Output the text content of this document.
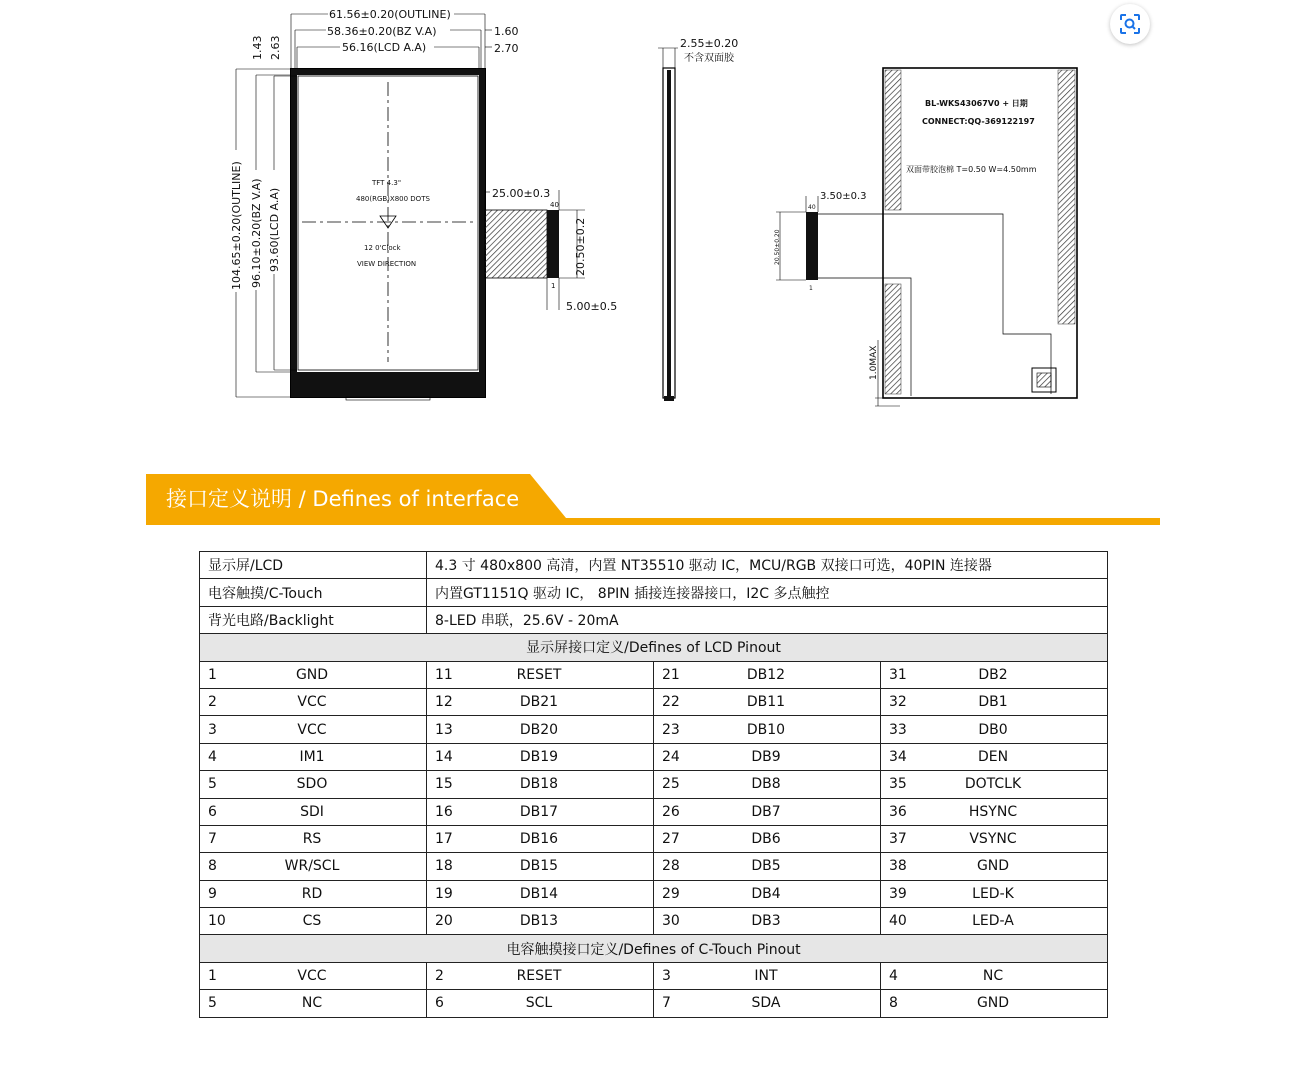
61.56±0.20(OUTLINE)
58.36±0.20(BZ V.A)
56.16(LCD A.A)
1.60
2.70
1.43 2.63
104.65±0.20(OUTLINE) 96.10±0.20(BZ V.A) 93.60(LCD A.A)	25.00±0.3
20.50±0.2
5.00±0.5
TFT 4.3"
480(RGB)X800 DOTS
12 0'Clock
VIEW DIRECTION
40
1
2.55±0.20
不含双面胶
BL-WKS43067V0 + 日期
CONNECT:QQ-369122197
双面带胶泡棉 T=0.50 W=4.50mm
3.50±0.3
20.50±0.20
1.0MAX
40
1
接口定义说明 / Defines of interface
显示屏/LCD	4.3 寸 480x800 高清，内置 NT35510 驱动 IC，MCU/RGB 双接口可选，40PIN 连接器		
电容触摸/C-Touch	内置GT1151Q 驱动 IC， 8PIN 插接连接器接口，I2C 多点触控		
背光电路/Backlight	8-LED 串联，25.6V - 20mA		
显示屏接口定义/Defines of LCD Pinout			
1 GND	11 RESET	21 DB12	31 DB2
2 VCC	12 DB21	22 DB11	32 DB1
3 VCC	13 DB20	23 DB10	33 DB0
4 IM1	14 DB19	24 DB9	34 DEN
5 SDO	15 DB18	25 DB8	35 DOTCLK
6 SDI	16 DB17	26 DB7	36 HSYNC
7 RS	17 DB16	27 DB6	37 VSYNC
8 WR/SCL	18 DB15	28 DB5	38 GND
9 RD	19 DB14	29 DB4	39 LED-K
10 CS	20 DB13	30 DB3	40 LED-A
电容触摸接口定义/Defines of C-Touch Pinout			
1 VCC	2 RESET	3 INT	4 NC
5 NC	6 SCL	7 SDA	8 GND
